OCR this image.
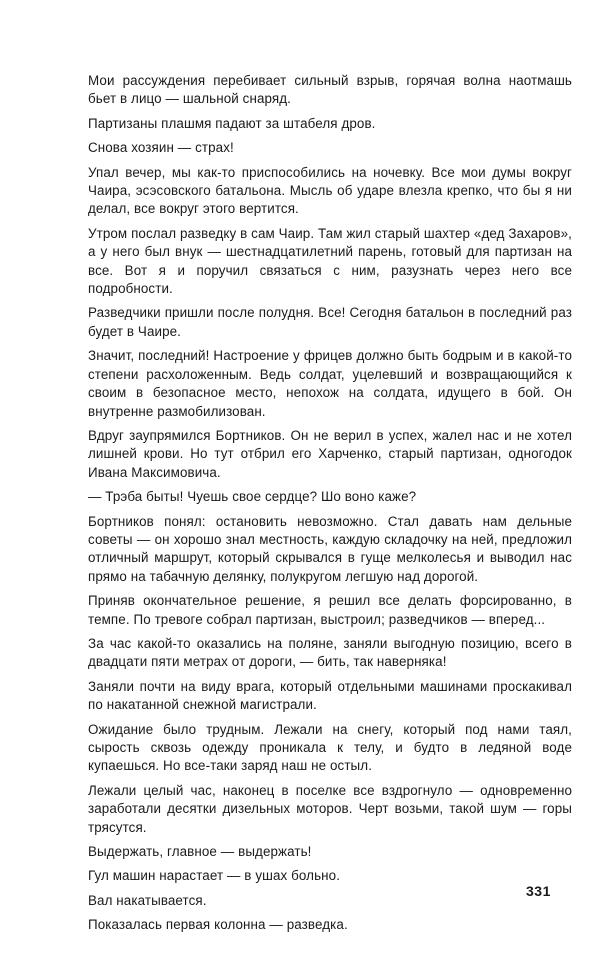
Мои рассуждения перебивает сильный взрыв, горячая волна наотмашь бьет в лицо — шальной снаряд.

Партизаны плашмя падают за штабеля дров.

Снова хозяин — страх!

Упал вечер, мы как-то приспособились на ночевку. Все мои думы вокруг Чаира, эсэсовского батальона. Мысль об ударе влезла крепко, что бы я ни делал, все вокруг этого вертится.

Утром послал разведку в сам Чаир. Там жил старый шахтер «дед Захаров», а у него был внук — шестнадцатилетний парень, готовый для партизан на все. Вот я и поручил связаться с ним, разузнать через него все подробности.

Разведчики пришли после полудня. Все! Сегодня батальон в последний раз будет в Чаире.

Значит, последний! Настроение у фрицев должно быть бодрым и в какой-то степени расхоложенным. Ведь солдат, уцелевший и возвращающийся к своим в безопасное место, непохож на солдата, идущего в бой. Он внутренне размобилизован.

Вдруг заупрямился Бортников. Он не верил в успех, жалел нас и не хотел лишней крови. Но тут отбрил его Харченко, старый партизан, одногодок Ивана Максимовича.

— Трэба быты! Чуешь свое сердце? Шо воно каже?

Бортников понял: остановить невозможно. Стал давать нам дельные советы — он хорошо знал местность, каждую складочку на ней, предложил отличный маршрут, который скрывался в гуще мелколесья и выводил нас прямо на табачную делянку, полукругом легшую над дорогой.

Приняв окончательное решение, я решил все делать форсированно, в темпе. По тревоге собрал партизан, выстроил; разведчиков — вперед...

За час какой-то оказались на поляне, заняли выгодную позицию, всего в двадцати пяти метрах от дороги, — бить, так наверняка!

Заняли почти на виду врага, который отдельными машинами проскакивал по накатанной снежной магистрали.

Ожидание было трудным. Лежали на снегу, который под нами таял, сырость сквозь одежду проникала к телу, и будто в ледяной воде купаешься. Но все-таки заряд наш не остыл.

Лежали целый час, наконец в поселке все вздрогнуло — одновременно заработали десятки дизельных моторов. Черт возьми, такой шум — горы трясутся.

Выдержать, главное — выдержать!

Гул машин нарастает — в ушах больно.

Вал накатывается.

Показалась первая колонна — разведка.

331
